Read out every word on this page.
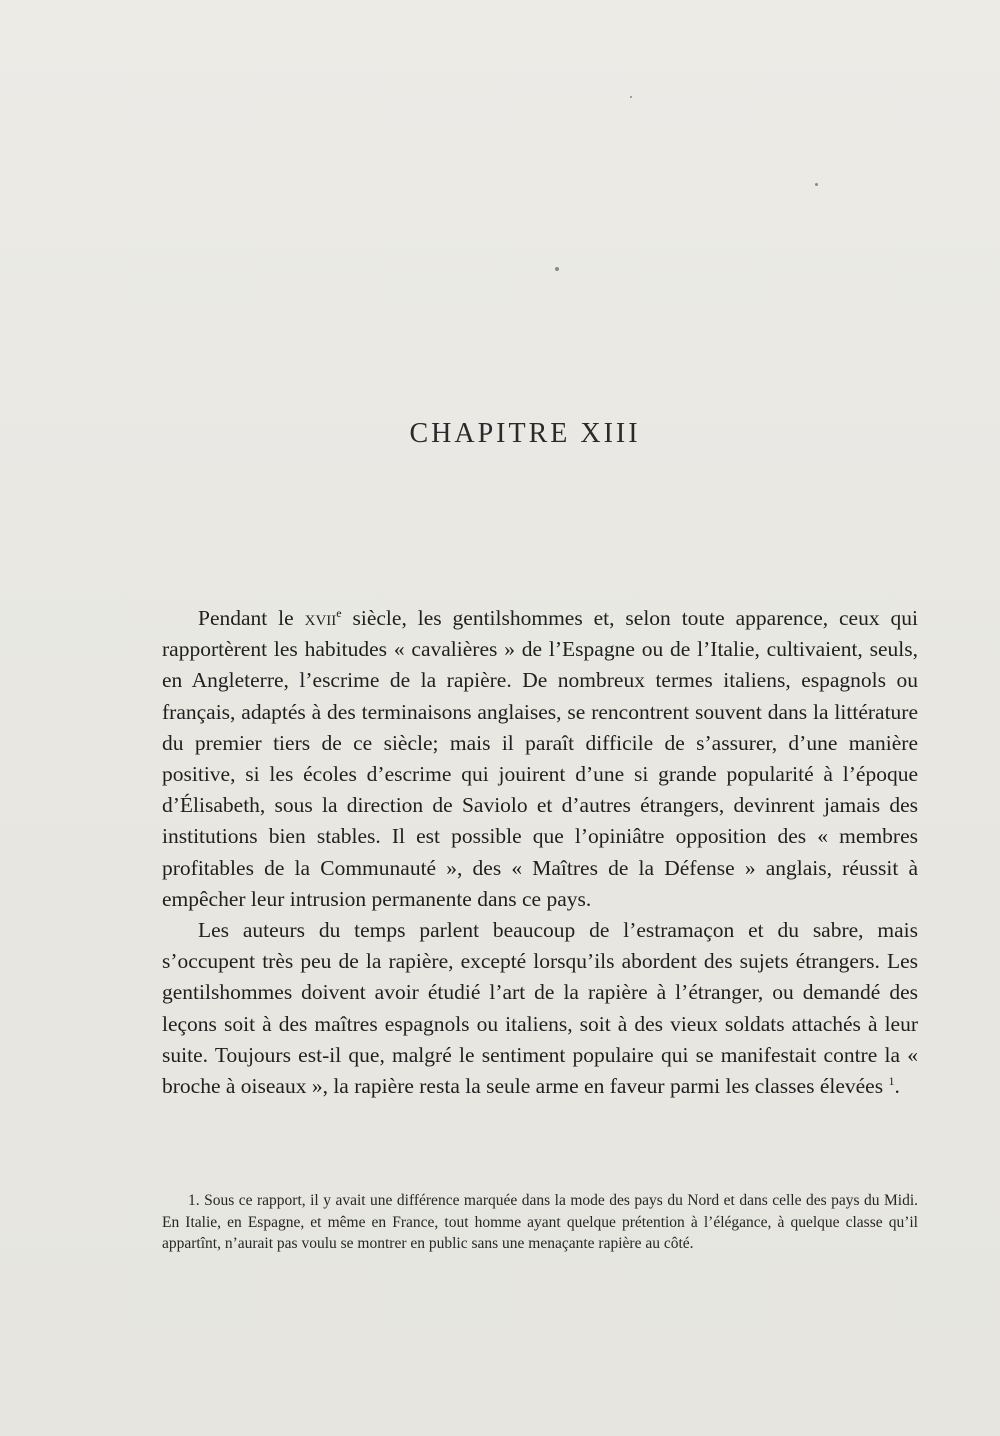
CHAPITRE XIII

Pendant le xvii$^e$ siècle, les gentilshommes et, selon toute apparence, ceux qui rapportèrent les habitudes « cavalières » de l’Espagne ou de l’Italie, cultivaient, seuls, en Angleterre, l’escrime de la rapière. De nombreux termes italiens, espagnols ou français, adaptés à des terminaisons anglaises, se rencontrent souvent dans la littérature du premier tiers de ce siècle; mais il paraît difficile de s’assurer, d’une manière positive, si les écoles d’escrime qui jouirent d’une si grande popularité à l’époque d’Élisabeth, sous la direction de Saviolo et d’autres étrangers, devinrent jamais des institutions bien stables. Il est possible que l’opiniâtre opposition des « membres profitables de la Communauté », des « Maîtres de la Défense » anglais, réussit à empêcher leur intrusion permanente dans ce pays.

Les auteurs du temps parlent beaucoup de l’estramaçon et du sabre, mais s’occupent très peu de la rapière, excepté lorsqu’ils abordent des sujets étrangers. Les gentilshommes doivent avoir étudié l’art de la rapière à l’étranger, ou demandé des leçons soit à des maîtres espagnols ou italiens, soit à des vieux soldats attachés à leur suite. Toujours est-il que, malgré le sentiment populaire qui se manifestait contre la « broche à oiseaux », la rapière resta la seule arme en faveur parmi les classes élevées $^1$.

1. Sous ce rapport, il y avait une différence marquée dans la mode des pays du Nord et dans celle des pays du Midi. En Italie, en Espagne, et même en France, tout homme ayant quelque prétention à l’élégance, à quelque classe qu’il appartînt, n’aurait pas voulu se montrer en public sans une menaçante rapière au côté.
